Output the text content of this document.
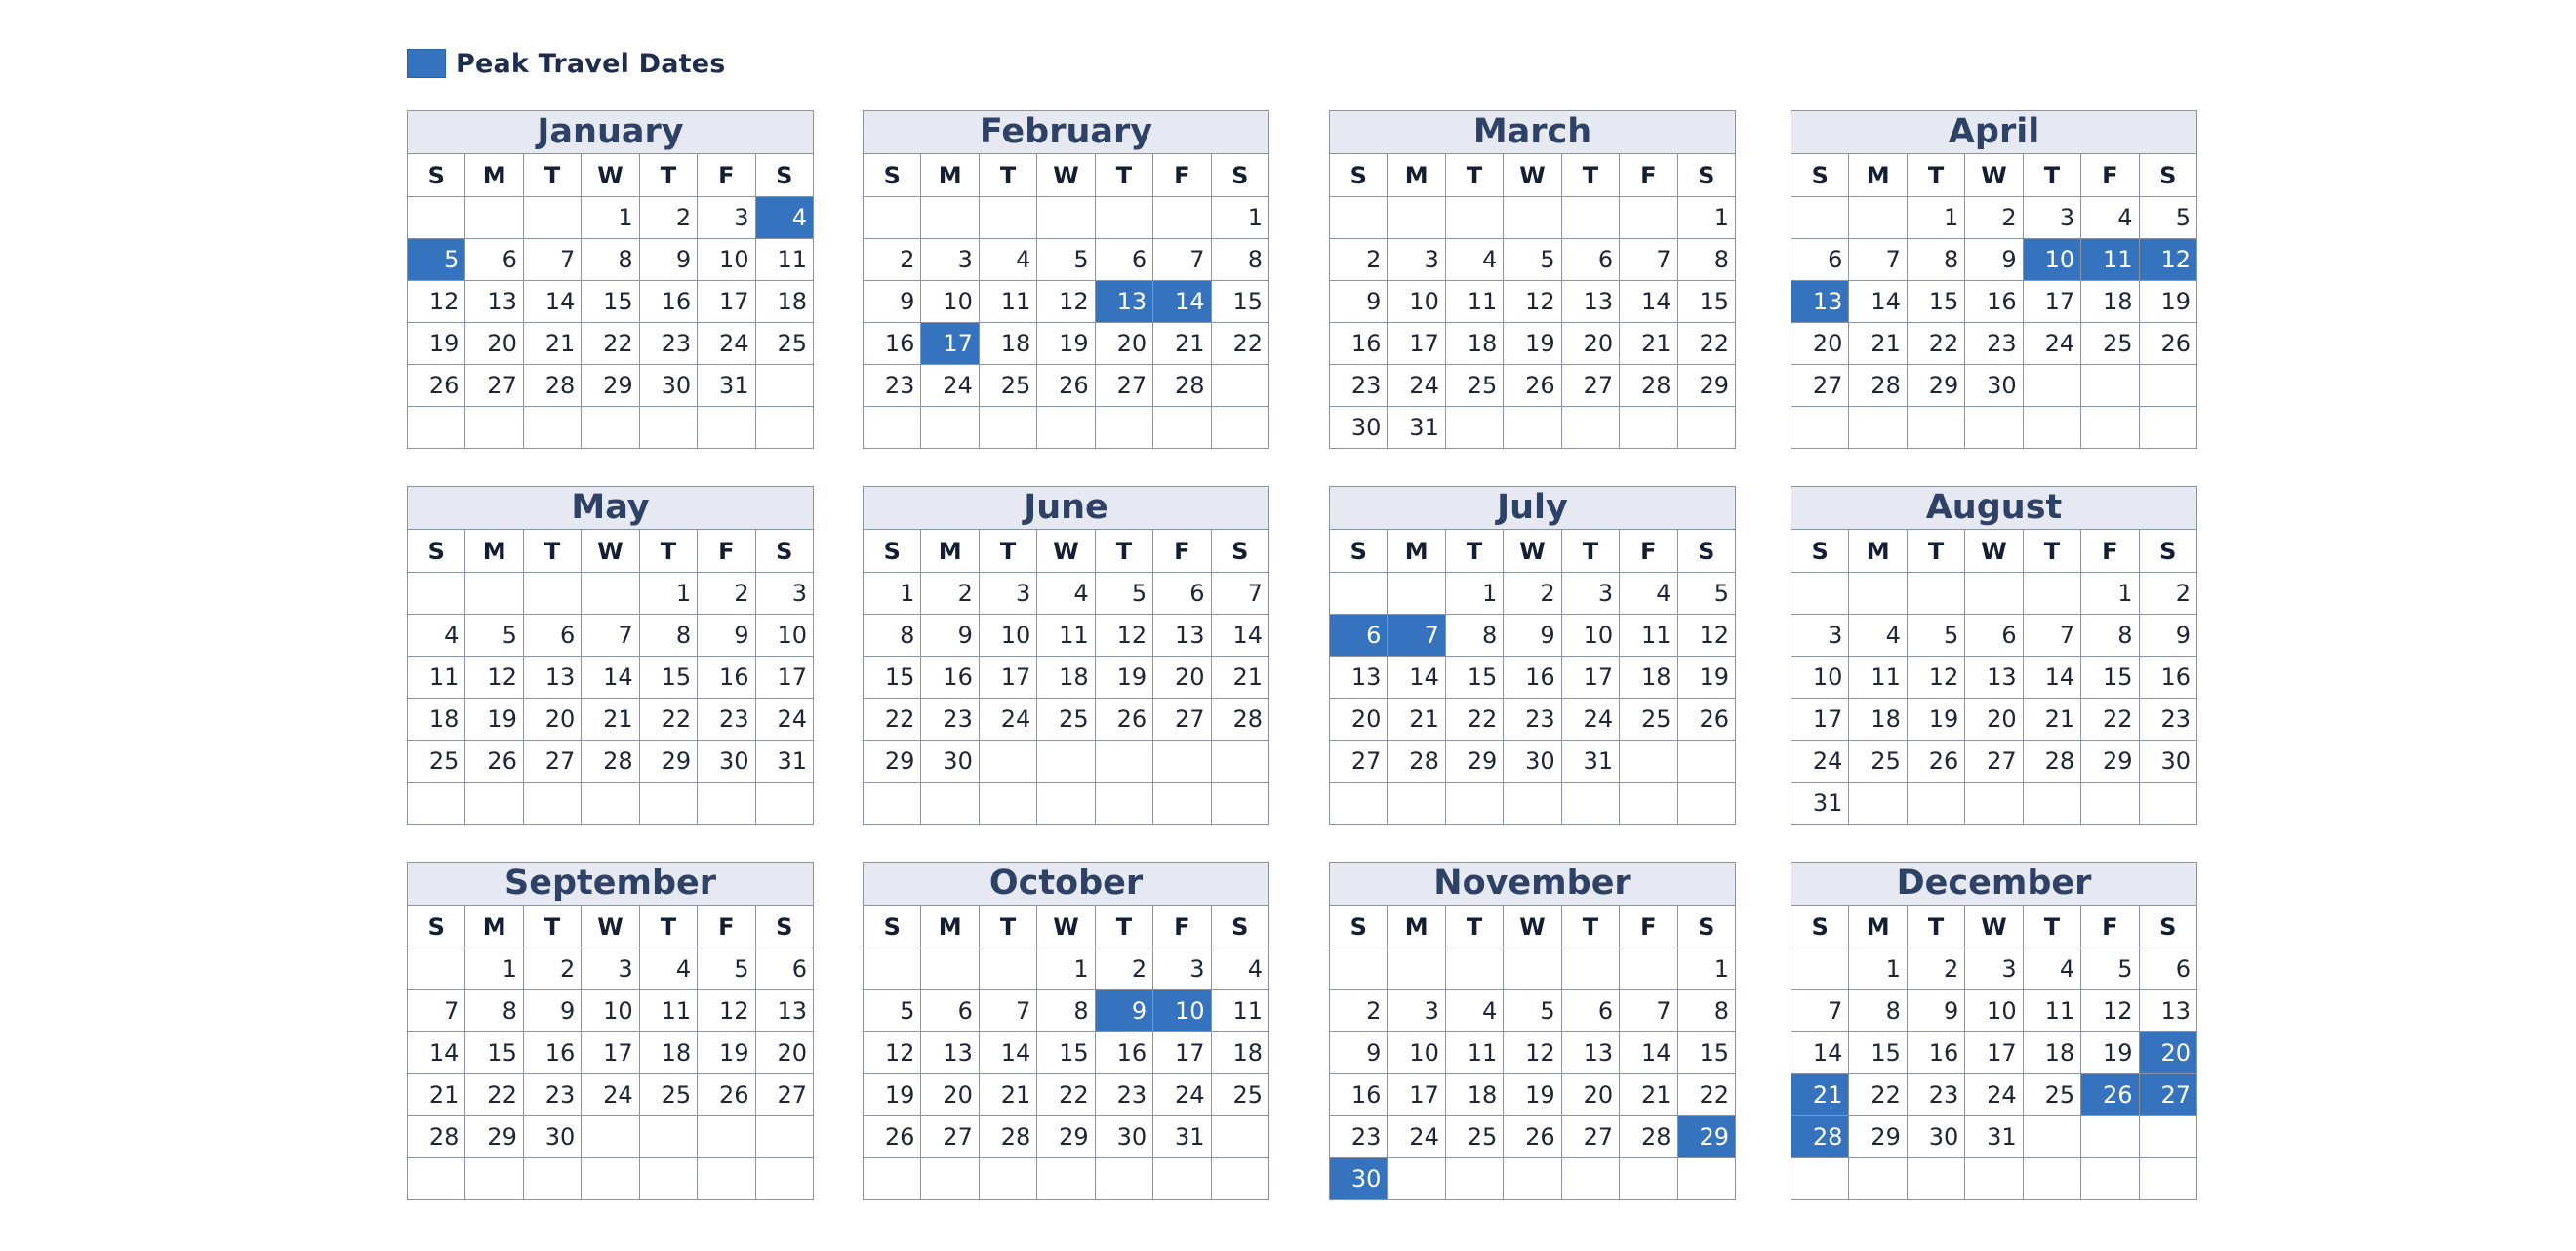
Peak Travel Dates
January						
S	M	T	W	T	F	S
			1	2	3	4
5	6	7	8	9	10	11
12	13	14	15	16	17	18
19	20	21	22	23	24	25
26	27	28	29	30	31	

February						
S	M	T	W	T	F	S
						1
2	3	4	5	6	7	8
9	10	11	12	13	14	15
16	17	18	19	20	21	22
23	24	25	26	27	28	

March						
S	M	T	W	T	F	S
						1
2	3	4	5	6	7	8
9	10	11	12	13	14	15
16	17	18	19	20	21	22
23	24	25	26	27	28	29
30	31					
April						
S	M	T	W	T	F	S
		1	2	3	4	5
6	7	8	9	10	11	12
13	14	15	16	17	18	19
20	21	22	23	24	25	26
27	28	29	30			

May						
S	M	T	W	T	F	S
				1	2	3
4	5	6	7	8	9	10
11	12	13	14	15	16	17
18	19	20	21	22	23	24
25	26	27	28	29	30	31

June						
S	M	T	W	T	F	S
1	2	3	4	5	6	7
8	9	10	11	12	13	14
15	16	17	18	19	20	21
22	23	24	25	26	27	28
29	30					

July						
S	M	T	W	T	F	S
		1	2	3	4	5
6	7	8	9	10	11	12
13	14	15	16	17	18	19
20	21	22	23	24	25	26
27	28	29	30	31		

August						
S	M	T	W	T	F	S
					1	2
3	4	5	6	7	8	9
10	11	12	13	14	15	16
17	18	19	20	21	22	23
24	25	26	27	28	29	30
31						
September						
S	M	T	W	T	F	S
	1	2	3	4	5	6
7	8	9	10	11	12	13
14	15	16	17	18	19	20
21	22	23	24	25	26	27
28	29	30				

October						
S	M	T	W	T	F	S
			1	2	3	4
5	6	7	8	9	10	11
12	13	14	15	16	17	18
19	20	21	22	23	24	25
26	27	28	29	30	31	

November						
S	M	T	W	T	F	S
						1
2	3	4	5	6	7	8
9	10	11	12	13	14	15
16	17	18	19	20	21	22
23	24	25	26	27	28	29
30						
December						
S	M	T	W	T	F	S
	1	2	3	4	5	6
7	8	9	10	11	12	13
14	15	16	17	18	19	20
21	22	23	24	25	26	27
28	29	30	31			
